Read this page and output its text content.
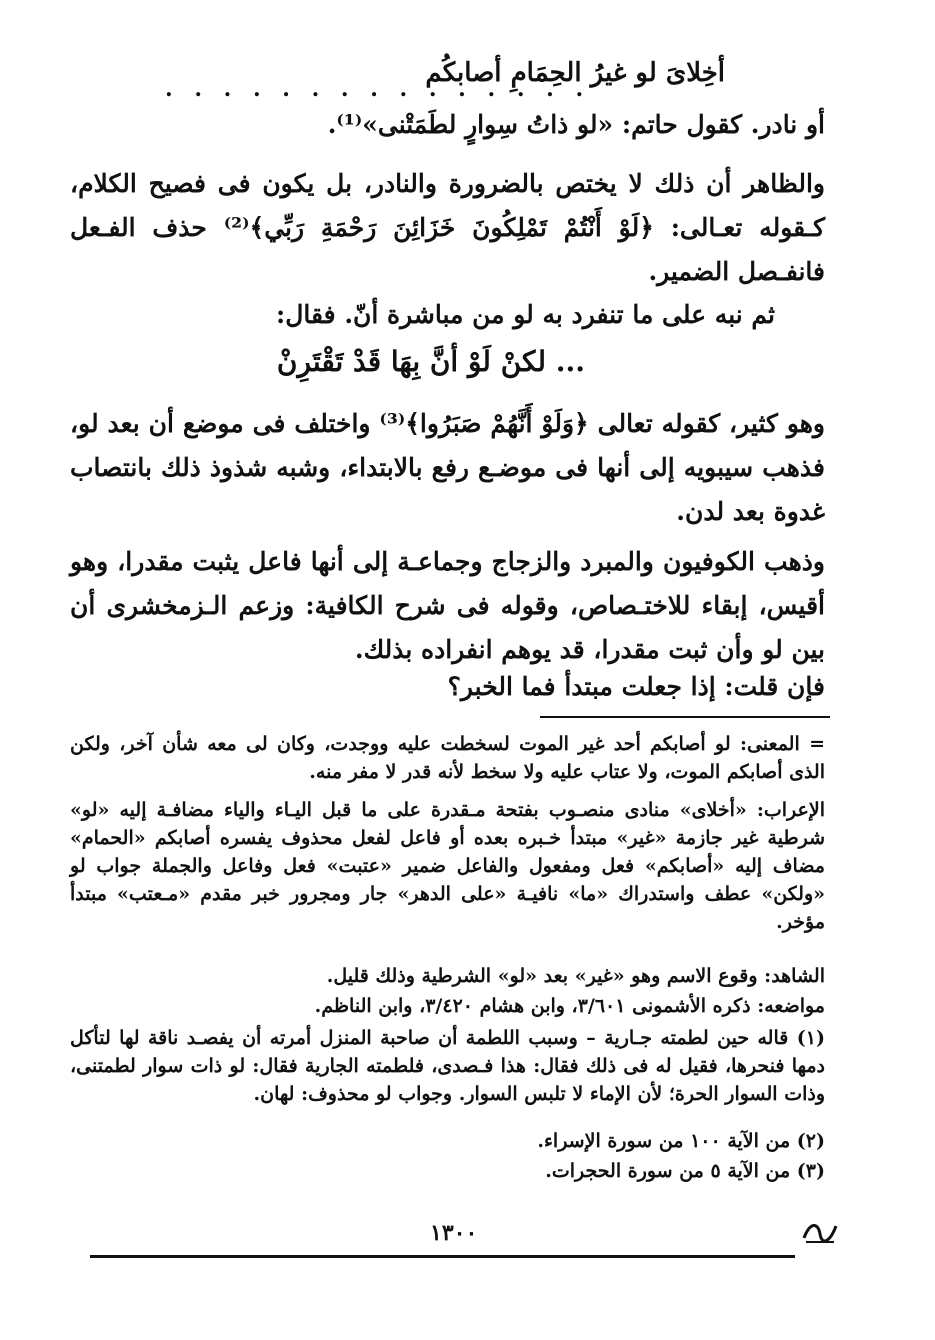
أخِلاىَ لو غيرُ الحِمَامِ أصابكُم
. . . . . . . . . . . . . . .
أو نادر. كقول حاتم: «لو ذاتُ سِوارٍ لطَمَتْنى»⁽¹⁾.
والظاهر أن ذلك لا يختص بالضرورة والنادر، بل يكون فى فصيح الكلام، كـقوله تعـالى: ﴿لَوْ أَنْتُمْ تَمْلِكُونَ خَزَائِنَ رَحْمَةِ رَبِّي﴾⁽²⁾ حذف الفـعل فانفـصل الضمير.
ثم نبه على ما تنفرد به لو من مباشرة أنّ. فقال:
... لكنْ لَوْ أنَّ بِهَا قَدْ تَقْتَرِنْ
وهو كثير، كقوله تعالى ﴿وَلَوْ أَنَّهُمْ صَبَرُوا﴾⁽³⁾ واختلف فى موضع أن بعد لو، فذهب سيبويه إلى أنها فى موضـع رفع بالابتداء، وشبه شذوذ ذلك بانتصاب غدوة بعد لدن.
وذهب الكوفيون والمبرد والزجاج وجماعـة إلى أنها فاعل يثبت مقدرا، وهو أقيس، إبقاء للاختـصاص، وقوله فى شرح الكافية: وزعم الـزمخشرى أن بين لو وأن ثبت مقدرا، قد يوهم انفراده بذلك.
فإن قلت: إذا جعلت مبتدأ فما الخبر؟
= المعنى: لو أصابكم أحد غير الموت لسخطت عليه ووجدت، وكان لى معه شأن آخر، ولكن الذى أصابكم الموت، ولا عتاب عليه ولا سخط لأنه قدر لا مفر منه.
الإعراب: «أخلاى» منادى منصـوب بفتحة مـقدرة على ما قبل اليـاء والياء مضافـة إليه «لو» شرطية غير جازمة «غير» مبتدأ خـبره بعده أو فاعل لفعل محذوف يفسره أصابكم «الحمام» مضاف إليه «أصابكم» فعل ومفعول والفاعل ضمير «عتبت» فعل وفاعل والجملة جواب لو «ولكن» عطف واستدراك «ما» نافيـة «على الدهر» جار ومجرور خبر مقدم «مـعتب» مبتدأ مؤخر.
الشاهد: وقوع الاسم وهو «غير» بعد «لو» الشرطية وذلك قليل.
مواضعه: ذكره الأشمونى ٣/٦٠١، وابن هشام ٣/٤٢٠، وابن الناظم.
(١) قاله حين لطمته جـارية – وسبب اللطمة أن صاحبة المنزل أمرته أن يفصـد ناقة لها لتأكل دمها فنحرها، فقيل له فى ذلك فقال: هذا فـصدى، فلطمته الجارية فقال: لو ذات سوار لطمتنى، وذات السوار الحرة؛ لأن الإماء لا تلبس السوار. وجواب لو محذوف: لهان.
(٢) من الآية ١٠٠ من سورة الإسراء.
(٣) من الآية ٥ من سورة الحجرات.
١٣٠٠
